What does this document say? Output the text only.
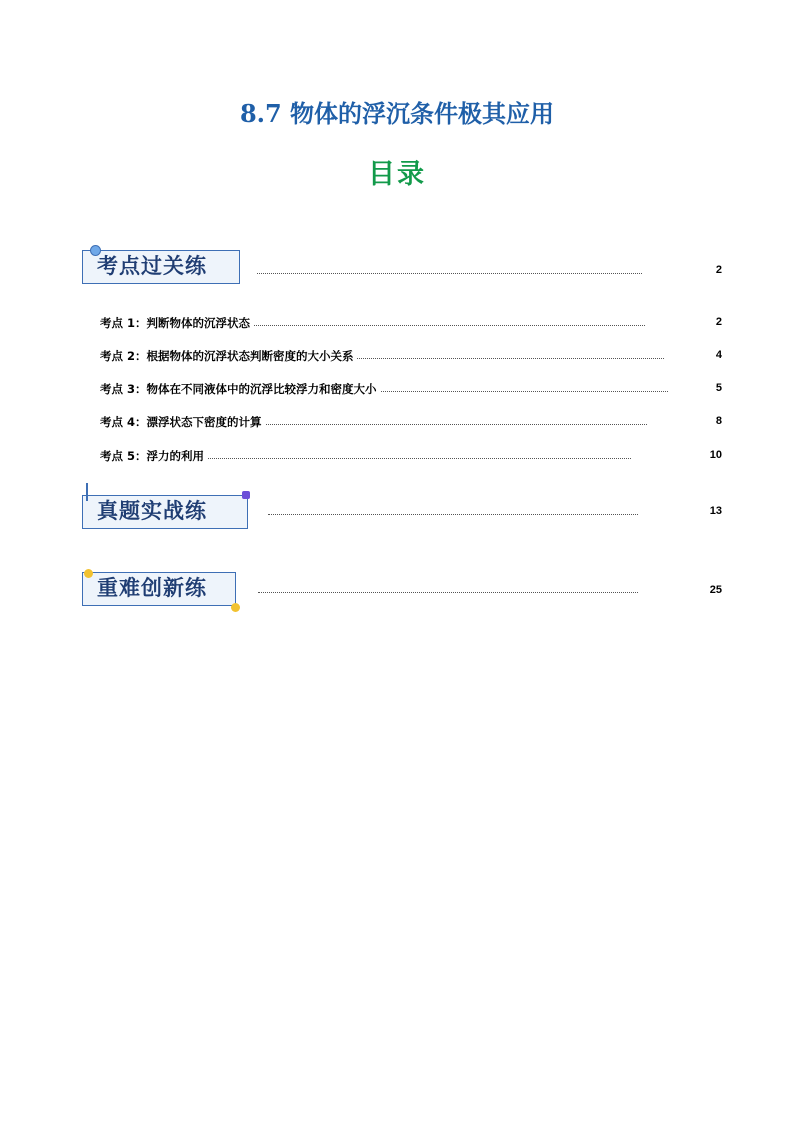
8.7 物体的浮沉条件极其应用
目录
考点过关练	2
考点 1：判断物体的沉浮状态	2
考点 2：根据物体的沉浮状态判断密度的大小关系	4
考点 3：物体在不同液体中的沉浮比较浮力和密度大小	5
考点 4：漂浮状态下密度的计算	8
考点 5：浮力的利用	10
真题实战练	13
重难创新练	25
